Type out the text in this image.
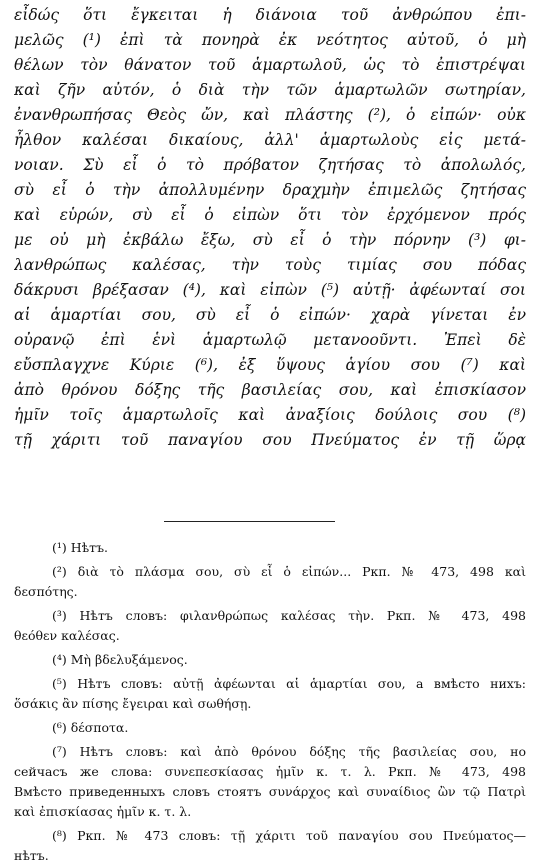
εἶδώς ὅτι ἔγκειται ἡ διάνοια τοῦ ἀνθρώπου ἐπι-
μελῶς (¹) ἐπὶ τὰ πονηρὰ ἐκ νεότητος αὐτοῦ, ὁ μὴ
θέλων τὸν θάνατον τοῦ ἁμαρτωλοῦ, ὡς τὸ ἐπιστρέψαι
καὶ ζῆν αὐτόν, ὁ διὰ τὴν τῶν ἁμαρτωλῶν σωτηρίαν,
ἐνανθρωπήσας Θεὸς ὤν, καὶ πλάστης (²), ὁ εἰπών· οὐκ
ἦλθον καλέσαι δικαίους, ἀλλ' ἁμαρτωλοὺς εἰς μετά-
νοιαν. Σὺ εἶ ὁ τὸ πρόβατον ζητήσας τὸ ἀπολωλός,
σὺ εἶ ὁ τὴν ἀπολλυμένην δραχμὴν ἐπιμελῶς ζητήσας
καὶ εὑρών, σὺ εἶ ὁ εἰπὼν ὅτι τὸν ἐρχόμενον πρός
με οὐ μὴ ἐκβάλω ἔξω, σὺ εἶ ὁ τὴν πόρνην (³) φι-
λανθρώπως καλέσας, τὴν τοὺς τιμίας σου πόδας
δάκρυσι βρέξασαν (⁴), καὶ εἰπὼν (⁵) αὐτῇ· ἀφέωνταί σοι
αἱ ἁμαρτίαι σου, σὺ εἶ ὁ εἰπών· χαρὰ γίνεται ἐν
οὐρανῷ ἐπὶ ἑνὶ ἁμαρτωλῷ μετανοοῦντι. Ἐπεὶ δὲ
εὔσπλαγχνε Κύριε (⁶), ἐξ ὕψους ἁγίου σου (⁷) καὶ
ἀπὸ θρόνου δόξης τῆς βασιλείας σου, καὶ ἐπισκίασον
ἡμῖν τοῖς ἁμαρτωλοῖς καὶ ἀναξίοις δούλοις σου (⁸)
τῇ χάριτι τοῦ παναγίου σου Πνεύματος ἐν τῇ ὥρᾳ
(¹) Нѣтъ.
(²) διὰ τὸ πλάσμα σου, σὺ εἶ ὁ εἰπών... Ркп. № 473, 498 καὶ
δεσπότης.
(³) Нѣтъ словъ: φιλανθρώπως καλέσας τὴν. Ркп. № 473, 498
θεόθεν καλέσας.
(⁴) Μὴ βδελυξάμενος.
(⁵) Нѣтъ словъ: αὐτῇ ἀφέωνται αἱ ἁμαρτίαι σου, а вмѣсто нихъ:
ὅσάκις ἂν πίσης ἔγειραι καὶ σωθήσῃ.
(⁶) δέσποτα.
(⁷) Нѣтъ словъ: καὶ ἀπὸ θρόνου δόξης τῆς βασιλείας σου, но
сейчасъ же слова: συνεπεσκίασας ἡμῖν κ. τ. λ. Ркп. № 473, 498
Вмѣсто приведенныхъ словъ стоятъ συνάρχος καὶ συναίδιος ὢν τῷ Πατρὶ
καὶ ἐπισκίασας ἡμῖν κ. τ. λ.
(⁸) Ркп. № 473 словъ: τῇ χάριτι τοῦ παναγίου σου Πνεύματος—
нѣтъ.
